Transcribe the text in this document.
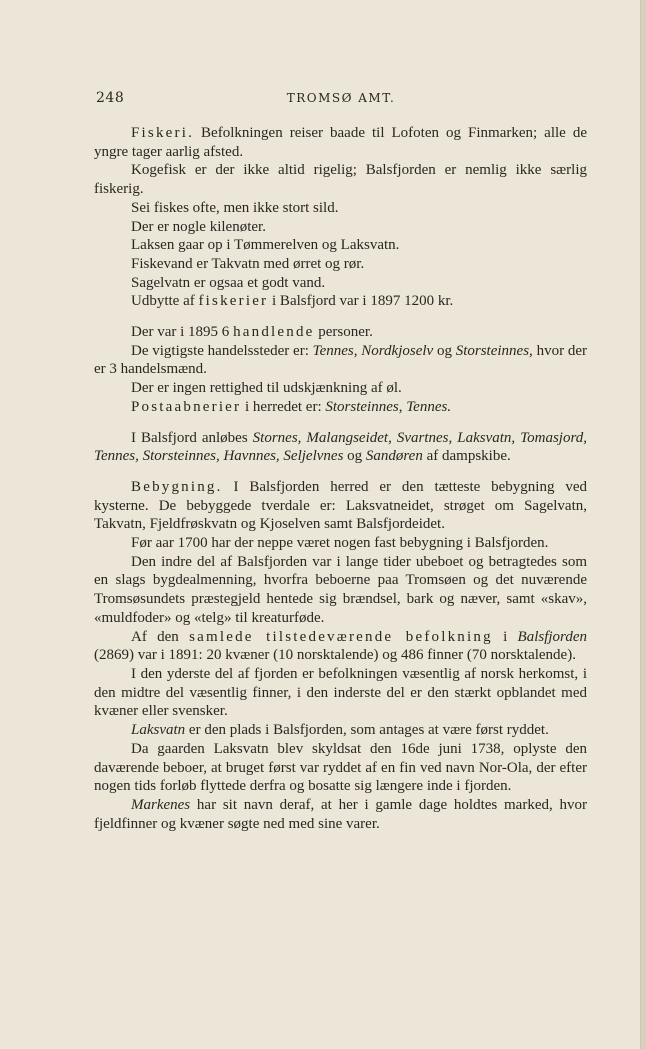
248	TROMSØ AMT.

Fiskeri. Befolkningen reiser baade til Lofoten og Finmarken; alle de yngre tager aarlig afsted.

Kogefisk er der ikke altid rigelig; Balsfjorden er nemlig ikke særlig fiskerig.

Sei fiskes ofte, men ikke stort sild.

Der er nogle kilenøter.

Laksen gaar op i Tømmerelven og Laksvatn.

Fiskevand er Takvatn med ørret og rør.

Sagelvatn er ogsaa et godt vand.

Udbytte af fiskerier i Balsfjord var i 1897 1200 kr.

Der var i 1895 6 handlende personer.

De vigtigste handelssteder er: Tennes, Nordkjoselv og Storsteinnes, hvor der er 3 handelsmænd.

Der er ingen rettighed til udskjænkning af øl.

Postaabnerier i herredet er: Storsteinnes, Tennes.

I Balsfjord anløbes Stornes, Malangseidet, Svartnes, Laksvatn, Tomasjord, Tennes, Storsteinnes, Havnnes, Seljelvnes og Sandøren af dampskibe.

Bebygning. I Balsfjorden herred er den tætteste bebygning ved kysterne. De bebyggede tverdale er: Laksvatneidet, strøget om Sagelvatn, Takvatn, Fjeldfrøskvatn og Kjoselven samt Balsfjordeidet.

Før aar 1700 har der neppe været nogen fast bebygning i Balsfjorden.

Den indre del af Balsfjorden var i lange tider ubeboet og betragtedes som en slags bygdealmenning, hvorfra beboerne paa Tromsøen og det nuværende Tromsøsundets præstegjeld hentede sig brændsel, bark og næver, samt «skav», «muldfoder» og «telg» til kreaturføde.

Af den samlede tilstedeværende befolkning i Balsfjorden (2869) var i 1891: 20 kvæner (10 norsktalende) og 486 finner (70 norsktalende).

I den yderste del af fjorden er befolkningen væsentlig af norsk herkomst, i den midtre del væsentlig finner, i den inderste del er den stærkt opblandet med kvæner eller svensker.

Laksvatn er den plads i Balsfjorden, som antages at være først ryddet.

Da gaarden Laksvatn blev skyldsat den 16de juni 1738, oplyste den daværende beboer, at bruget først var ryddet af en fin ved navn Nor-Ola, der efter nogen tids forløb flyttede derfra og bosatte sig længere inde i fjorden.

Markenes har sit navn deraf, at her i gamle dage holdtes marked, hvor fjeldfinner og kvæner søgte ned med sine varer.
